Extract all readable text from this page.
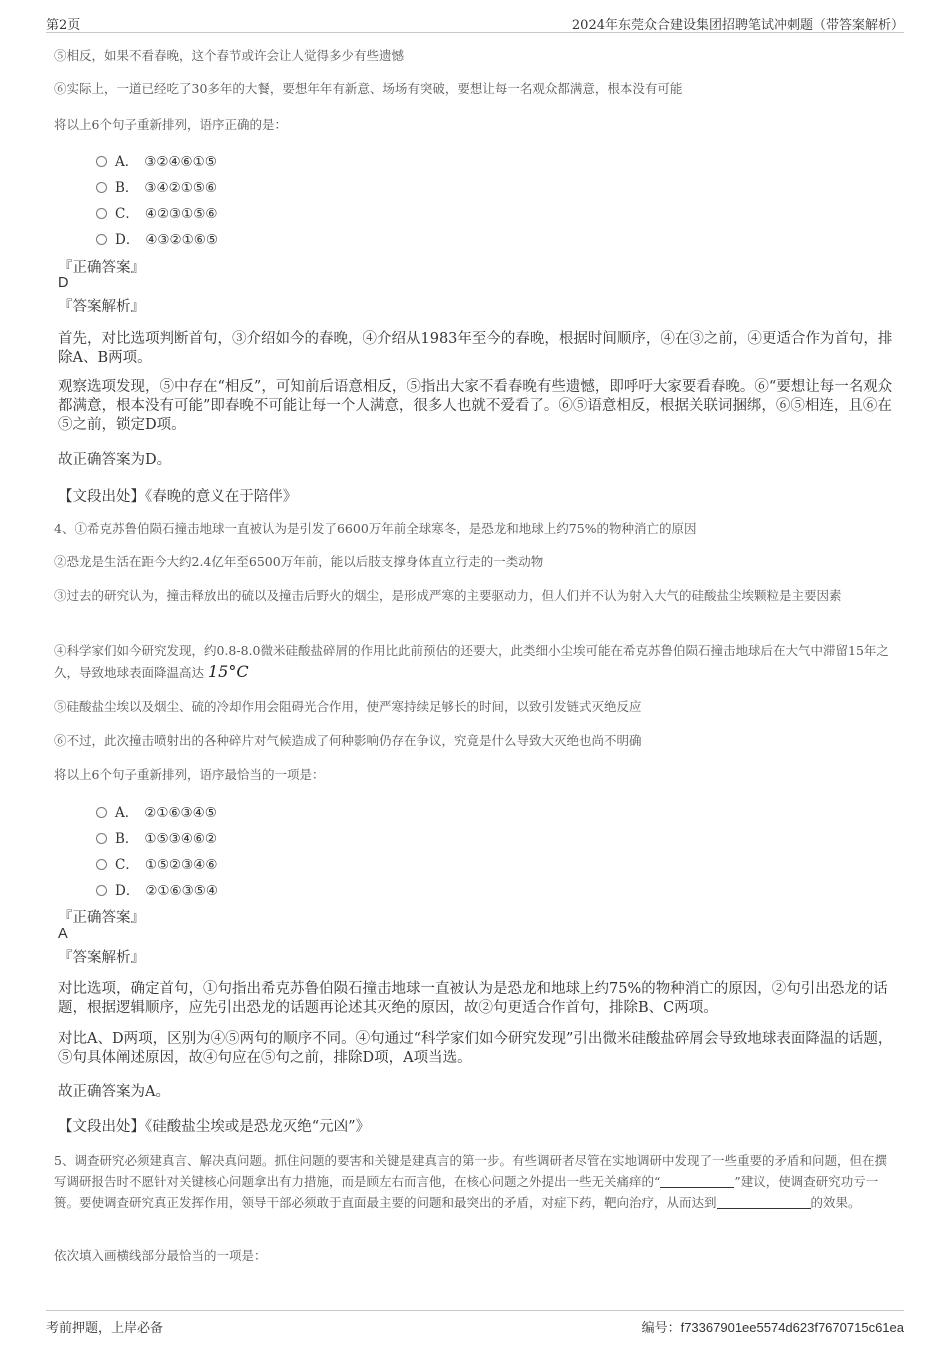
第2页	2024年东莞众合建设集团招聘笔试冲刺题（带答案解析）

⑤相反，如果不看春晚，这个春节或许会让人觉得多少有些遗憾

⑥实际上，一道已经吃了30多年的大餐，要想年年有新意、场场有突破，要想让每一名观众都满意，根本没有可能

将以上6个句子重新排列，语序正确的是：

A． ③②④⑥①⑤
B． ③④②①⑤⑥
C． ④②③①⑤⑥
D． ④③②①⑥⑤
『正确答案』
D
『答案解析』

首先，对比选项判断首句，③介绍如今的春晚，④介绍从1983年至今的春晚，根据时间顺序，④在③之前，④更适合作为首句，排除A、B两项。

观察选项发现，⑤中存在“相反”，可知前后语意相反，⑤指出大家不看春晚有些遗憾，即呼吁大家要看春晚。⑥“要想让每一名观众都满意，根本没有可能”即春晚不可能让每一个人满意，很多人也就不爱看了。⑥⑤语意相反，根据关联词捆绑，⑥⑤相连，且⑥在⑤之前，锁定D项。

故正确答案为D。

【文段出处】《春晚的意义在于陪伴》

4、①希克苏鲁伯陨石撞击地球一直被认为是引发了6600万年前全球寒冬，是恐龙和地球上约75%的物种消亡的原因

②恐龙是生活在距今大约2.4亿年至6500万年前，能以后肢支撑身体直立行走的一类动物

③过去的研究认为，撞击释放出的硫以及撞击后野火的烟尘，是形成严寒的主要驱动力，但人们并不认为射入大气的硅酸盐尘埃颗粒是主要因素

④科学家们如今研究发现，约0.8-8.0微米硅酸盐碎屑的作用比此前预估的还要大，此类细小尘埃可能在希克苏鲁伯陨石撞击地球后在大气中滞留15年之久，导致地球表面降温高达 15°C

⑤硅酸盐尘埃以及烟尘、硫的冷却作用会阻碍光合作用，使严寒持续足够长的时间，以致引发链式灭绝反应

⑥不过，此次撞击喷射出的各种碎片对气候造成了何种影响仍存在争议，究竟是什么导致大灭绝也尚不明确

将以上6个句子重新排列，语序最恰当的一项是：

A． ②①⑥③④⑤
B． ①⑤③④⑥②
C． ①⑤②③④⑥
D． ②①⑥③⑤④
『正确答案』
A
『答案解析』

对比选项，确定首句，①句指出希克苏鲁伯陨石撞击地球一直被认为是恐龙和地球上约75%的物种消亡的原因，②句引出恐龙的话题，根据逻辑顺序，应先引出恐龙的话题再论述其灭绝的原因，故②句更适合作首句，排除B、C两项。

对比A、D两项，区别为④⑤两句的顺序不同。④句通过“科学家们如今研究发现”引出微米硅酸盐碎屑会导致地球表面降温的话题，⑤句具体阐述原因，故④句应在⑤句之前，排除D项，A项当选。

故正确答案为A。

【文段出处】《硅酸盐尘埃或是恐龙灭绝“元凶”》

5、调查研究必须建真言、解决真问题。抓住问题的要害和关键是建真言的第一步。有些调研者尽管在实地调研中发现了一些重要的矛盾和问题，但在撰写调研报告时不愿针对关键核心问题拿出有力措施，而是顾左右而言他，在核心问题之外提出一些无关痛痒的“	”建议，使调查研究功亏一篑。要使调查研究真正发挥作用，领导干部必须敢于直面最主要的问题和最突出的矛盾，对症下药，靶向治疗，从而达到	的效果。

依次填入画横线部分最恰当的一项是：

考前押题，上岸必备	编号：f73367901ee5574d623f7670715c61ea
